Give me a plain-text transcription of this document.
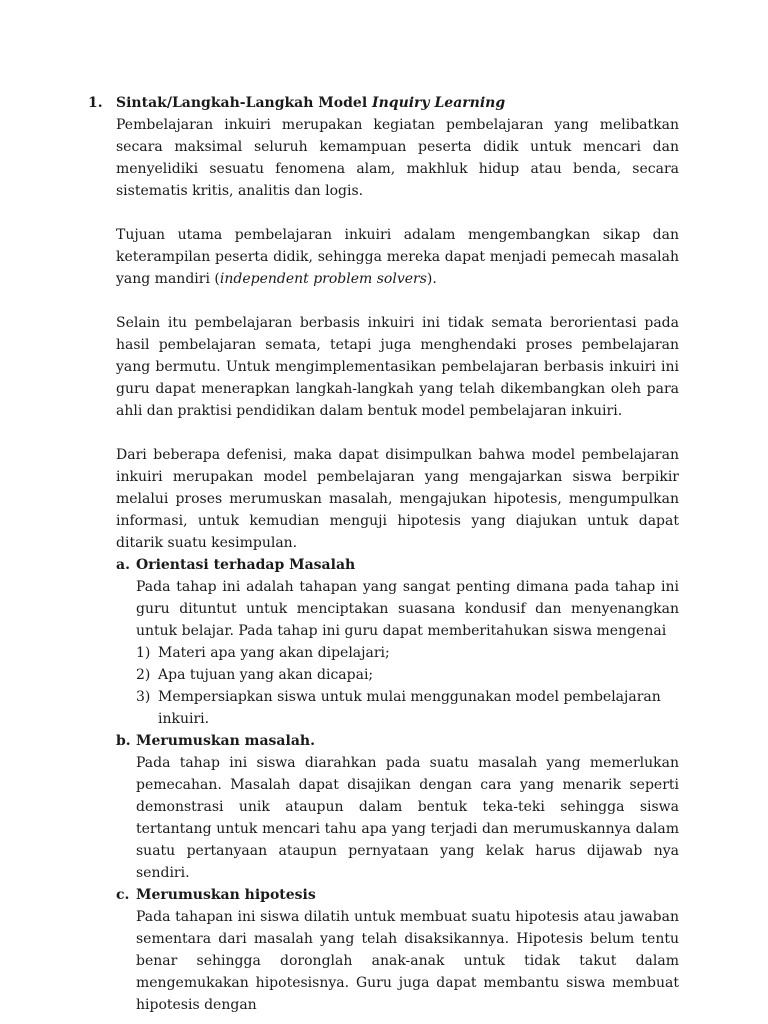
1. Sintak/Langkah-Langkah Model Inquiry Learning

Pembelajaran inkuiri merupakan kegiatan pembelajaran yang melibatkan secara maksimal seluruh kemampuan peserta didik untuk mencari dan menyelidiki sesuatu fenomena alam, makhluk hidup atau benda, secara sistematis kritis, analitis dan logis.

Tujuan utama pembelajaran inkuiri adalam mengembangkan sikap dan keterampilan peserta didik, sehingga mereka dapat menjadi pemecah masalah yang mandiri (independent problem solvers).

Selain itu pembelajaran berbasis inkuiri ini tidak semata berorientasi pada hasil pembelajaran semata, tetapi juga menghendaki proses pembelajaran yang bermutu. Untuk mengimplementasikan pembelajaran berbasis inkuiri ini guru dapat menerapkan langkah-langkah yang telah dikembangkan oleh para ahli dan praktisi pendidikan dalam bentuk model pembelajaran inkuiri.

Dari beberapa defenisi, maka dapat disimpulkan bahwa model pembelajaran inkuiri merupakan model pembelajaran yang mengajarkan siswa berpikir melalui proses merumuskan masalah, mengajukan hipotesis, mengumpulkan informasi, untuk kemudian menguji hipotesis yang diajukan untuk dapat ditarik suatu kesimpulan.

a. Orientasi terhadap Masalah

Pada tahap ini adalah tahapan yang sangat penting dimana pada tahap ini guru dituntut untuk menciptakan suasana kondusif dan menyenangkan untuk belajar. Pada tahap ini guru dapat memberitahukan siswa mengenai

1) Materi apa yang akan dipelajari;
2) Apa tujuan yang akan dicapai;
3) Mempersiapkan siswa untuk mulai menggunakan model pembelajaran inkuiri.
b. Merumuskan masalah.

Pada tahap ini siswa diarahkan pada suatu masalah yang memerlukan pemecahan. Masalah dapat disajikan dengan cara yang menarik seperti demonstrasi unik ataupun dalam bentuk teka-teki sehingga siswa tertantang untuk mencari tahu apa yang terjadi dan merumuskannya dalam suatu pertanyaan ataupun pernyataan yang kelak harus dijawab nya sendiri.

c. Merumuskan hipotesis

Pada tahapan ini siswa dilatih untuk membuat suatu hipotesis atau jawaban sementara dari masalah yang telah disaksikannya. Hipotesis belum tentu benar sehingga doronglah anak-anak untuk tidak takut dalam mengemukakan hipotesisnya. Guru juga dapat membantu siswa membuat hipotesis dengan
